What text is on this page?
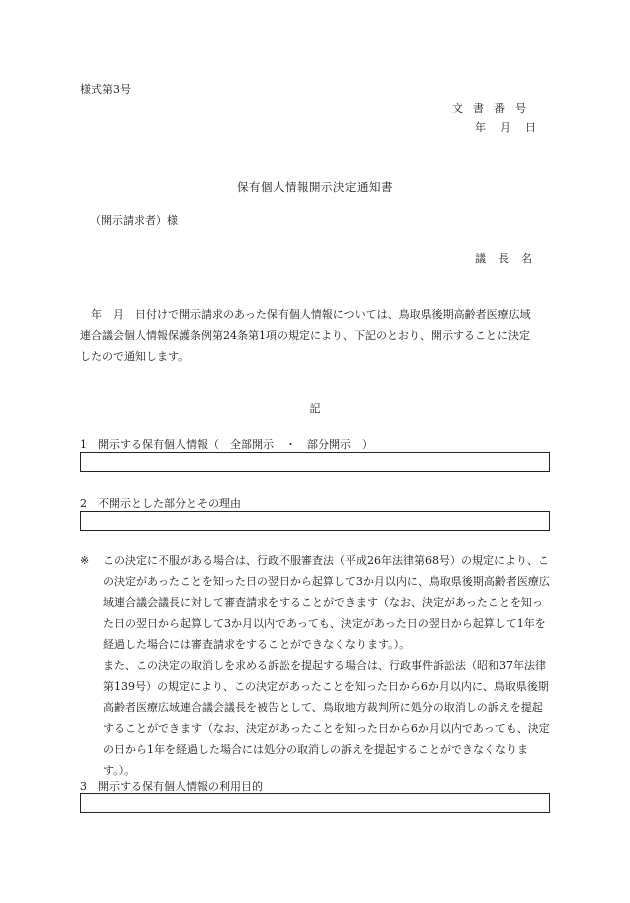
様式第3号
文書番号
年月日
保有個人情報開示決定通知書
（開示請求者）様
議長名

　年　月　日付けで開示請求のあった保有個人情報については、鳥取県後期高齢者医療広域

連合議会個人情報保護条例第24条第1項の規定により、下記のとおり、開示することに決定

したので通知します。

記
1　開示する保有個人情報（　全部開示　・　部分開示　）
2　不開示とした部分とその理由
※ この決定に不服がある場合は、行政不服審査法（平成26年法律第68号）の規定により、この決定があったことを知った日の翌日から起算して3か月以内に、鳥取県後期高齢者医療広域連合議会議長に対して審査請求をすることができます（なお、決定があったことを知った日の翌日から起算して3か月以内であっても、決定があった日の翌日から起算して1年を経過した場合には審査請求をすることができなくなります。）。

また、この決定の取消しを求める訴訟を提起する場合は、行政事件訴訟法（昭和37年法律第139号）の規定により、この決定があったことを知った日から6か月以内に、鳥取県後期高齢者医療広域連合議会議長を被告として、鳥取地方裁判所に処分の取消しの訴えを提起することができます（なお、決定があったことを知った日から6か月以内であっても、決定の日から1年を経過した場合には処分の取消しの訴えを提起することができなくなります。）。

3　開示する保有個人情報の利用目的
